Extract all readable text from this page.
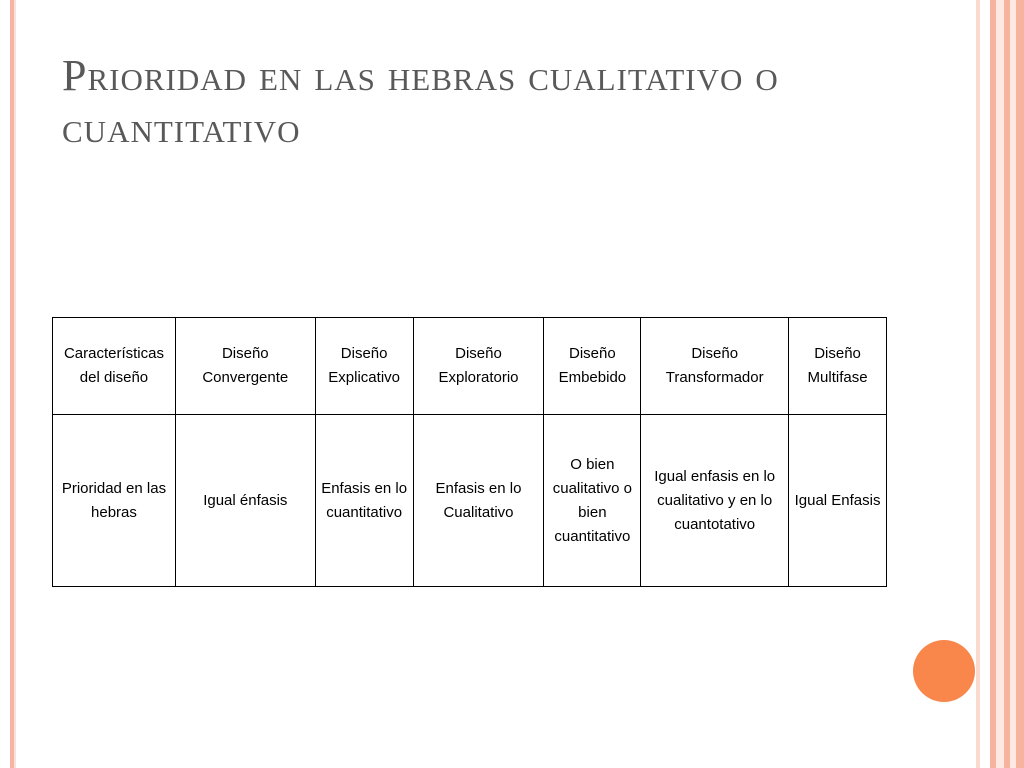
Prioridad en las hebras cualitativo o cuantitativo
Características del diseño	Diseño Convergente	Diseño Explicativo	Diseño Exploratorio	Diseño Embebido	Diseño Transformador	Diseño Multifase
Prioridad en las hebras	Igual énfasis	Enfasis en lo cuantitativo	Enfasis en lo Cualitativo	O bien cualitativo o bien cuantitativo	Igual enfasis en lo cualitativo y en lo cuantotativo	Igual Enfasis
